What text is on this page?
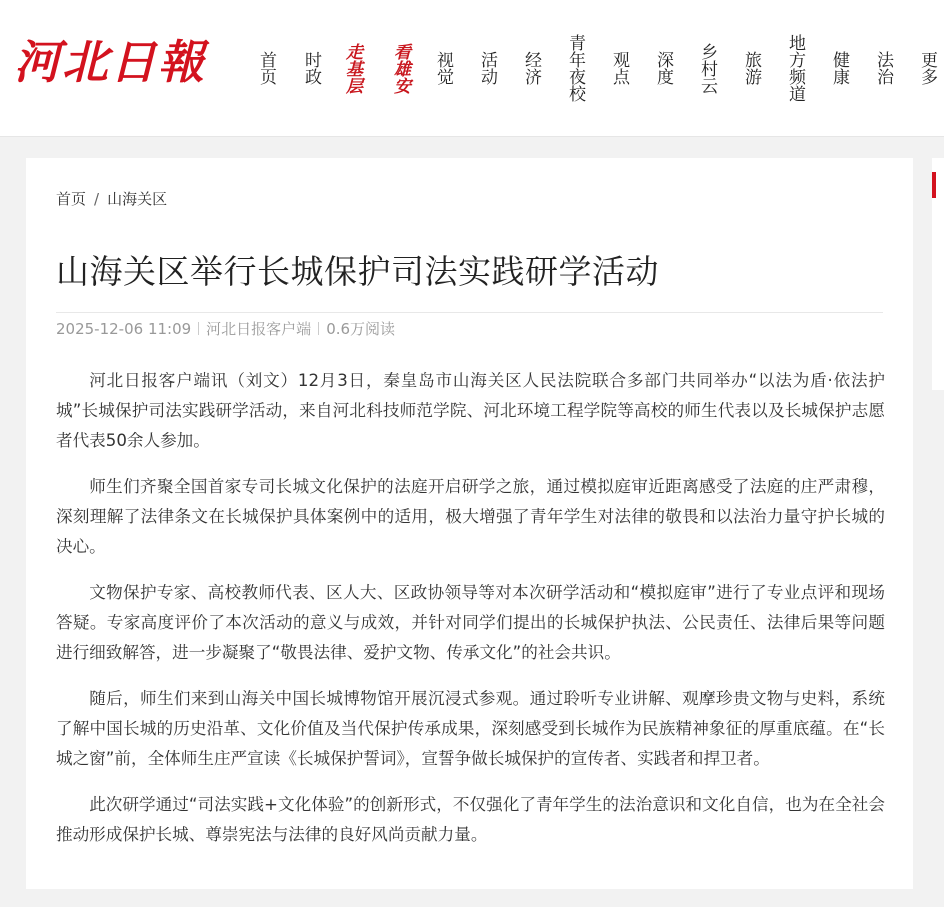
河北日報	首页 时政 走基层 看雄安 视觉 活动 经济 青年夜校 观点 深度 乡村云 旅游 地方频道 健康 法治 更多
首页 / 山海关区
山海关区举行长城保护司法实践研学活动
2025-12-06 11:09 河北日报客户端 0.6万阅读

河北日报客户端讯（刘文）12月3日，秦皇岛市山海关区人民法院联合多部门共同举办“以法为盾·依法护城”长城保护司法实践研学活动，来自河北科技师范学院、河北环境工程学院等高校的师生代表以及长城保护志愿者代表50余人参加。

师生们齐聚全国首家专司长城文化保护的法庭开启研学之旅，通过模拟庭审近距离感受了法庭的庄严肃穆，深刻理解了法律条文在长城保护具体案例中的适用，极大增强了青年学生对法律的敬畏和以法治力量守护长城的决心。

文物保护专家、高校教师代表、区人大、区政协领导等对本次研学活动和“模拟庭审”进行了专业点评和现场答疑。专家高度评价了本次活动的意义与成效，并针对同学们提出的长城保护执法、公民责任、法律后果等问题进行细致解答，进一步凝聚了“敬畏法律、爱护文物、传承文化”的社会共识。

随后，师生们来到山海关中国长城博物馆开展沉浸式参观。通过聆听专业讲解、观摩珍贵文物与史料，系统了解中国长城的历史沿革、文化价值及当代保护传承成果，深刻感受到长城作为民族精神象征的厚重底蕴。在“长城之窗”前，全体师生庄严宣读《长城保护誓词》，宣誓争做长城保护的宣传者、实践者和捍卫者。

此次研学通过“司法实践+文化体验”的创新形式，不仅强化了青年学生的法治意识和文化自信，也为在全社会推动形成保护长城、尊崇宪法与法律的良好风尚贡献力量。
